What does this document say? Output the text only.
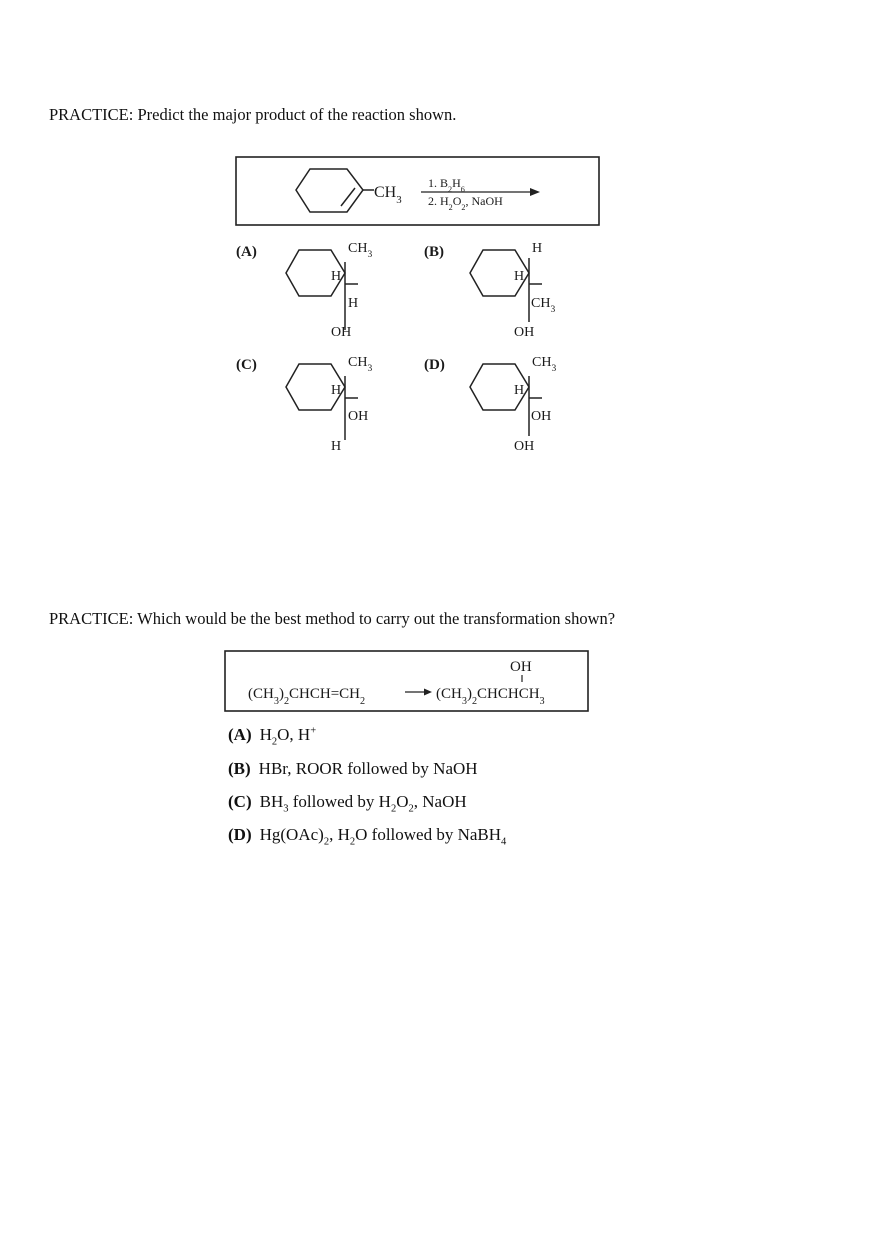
PRACTICE: Predict the major product of the reaction shown.
$CH_3$
1. $B_2H_6$
2. $H_2O_2$, NaOH
(A)	$CH_3$
H
H
OH
(B)	H
H
$CH_3$
OH
(C)	$CH_3$
H
OH
H
(D)	$CH_3$
H
OH
OH
PRACTICE: Which would be the best method to carry out the transformation shown?
$(CH_3)_2CHCH=CH_2$	$(CH_3)_2CHCHCH_3$
OH
(A) $H_2O$, H+
(B) HBr, ROOR followed by NaOH
(C) $BH_3$ followed by $H_2O_2$, NaOH
(D) $Hg(OAc)_2$, $H_2O$ followed by NaBH$_4$
